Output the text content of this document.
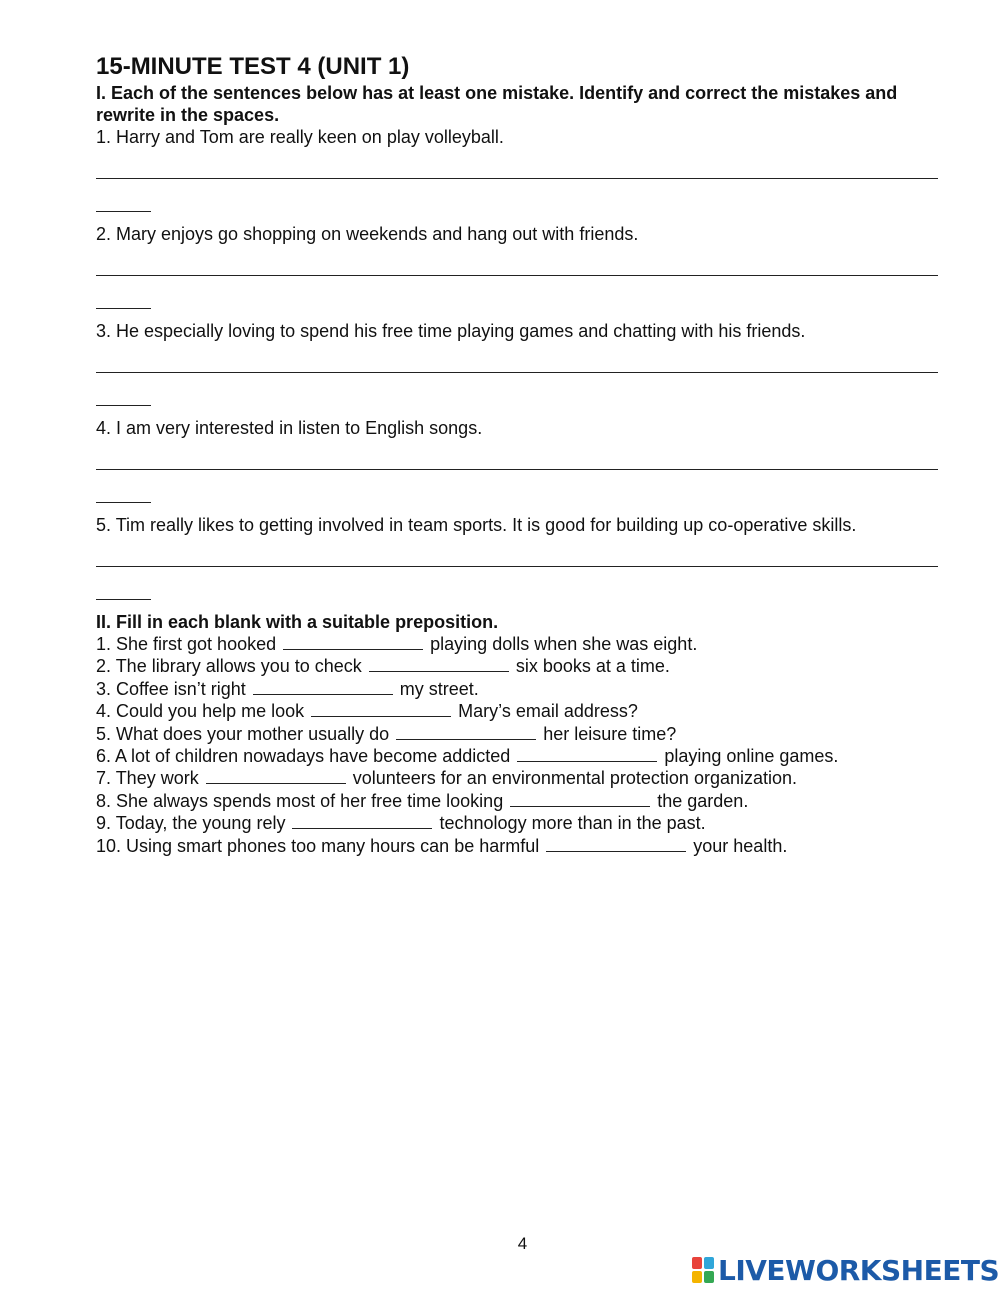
15-MINUTE TEST 4 (UNIT 1)

I. Each of the sentences below has at least one mistake. Identify and correct the mistakes and rewrite in the spaces.

1. Harry and Tom are really keen on play volleyball.

2. Mary enjoys go shopping on weekends and hang out with friends.

3. He especially loving to spend his free time playing games and chatting with his friends.

4. I am very interested in listen to English songs.

5. Tim really likes to getting involved in team sports. It is good for building up co-operative skills.

II. Fill in each blank with a suitable preposition.

1. She first got hooked	playing dolls when she was eight.

2. The library allows you to check	six books at a time.

3. Coffee isn’t right	my street.

4. Could you help me look	Mary’s email address?

5. What does your mother usually do	her leisure time?

6. A lot of children nowadays have become addicted	playing online games.

7. They work	volunteers for an environmental protection organization.

8. She always spends most of her free time looking	the garden.

9. Today, the young rely	technology more than in the past.

10. Using smart phones too many hours can be harmful	your health.

4
LIVEWORKSHEETS
